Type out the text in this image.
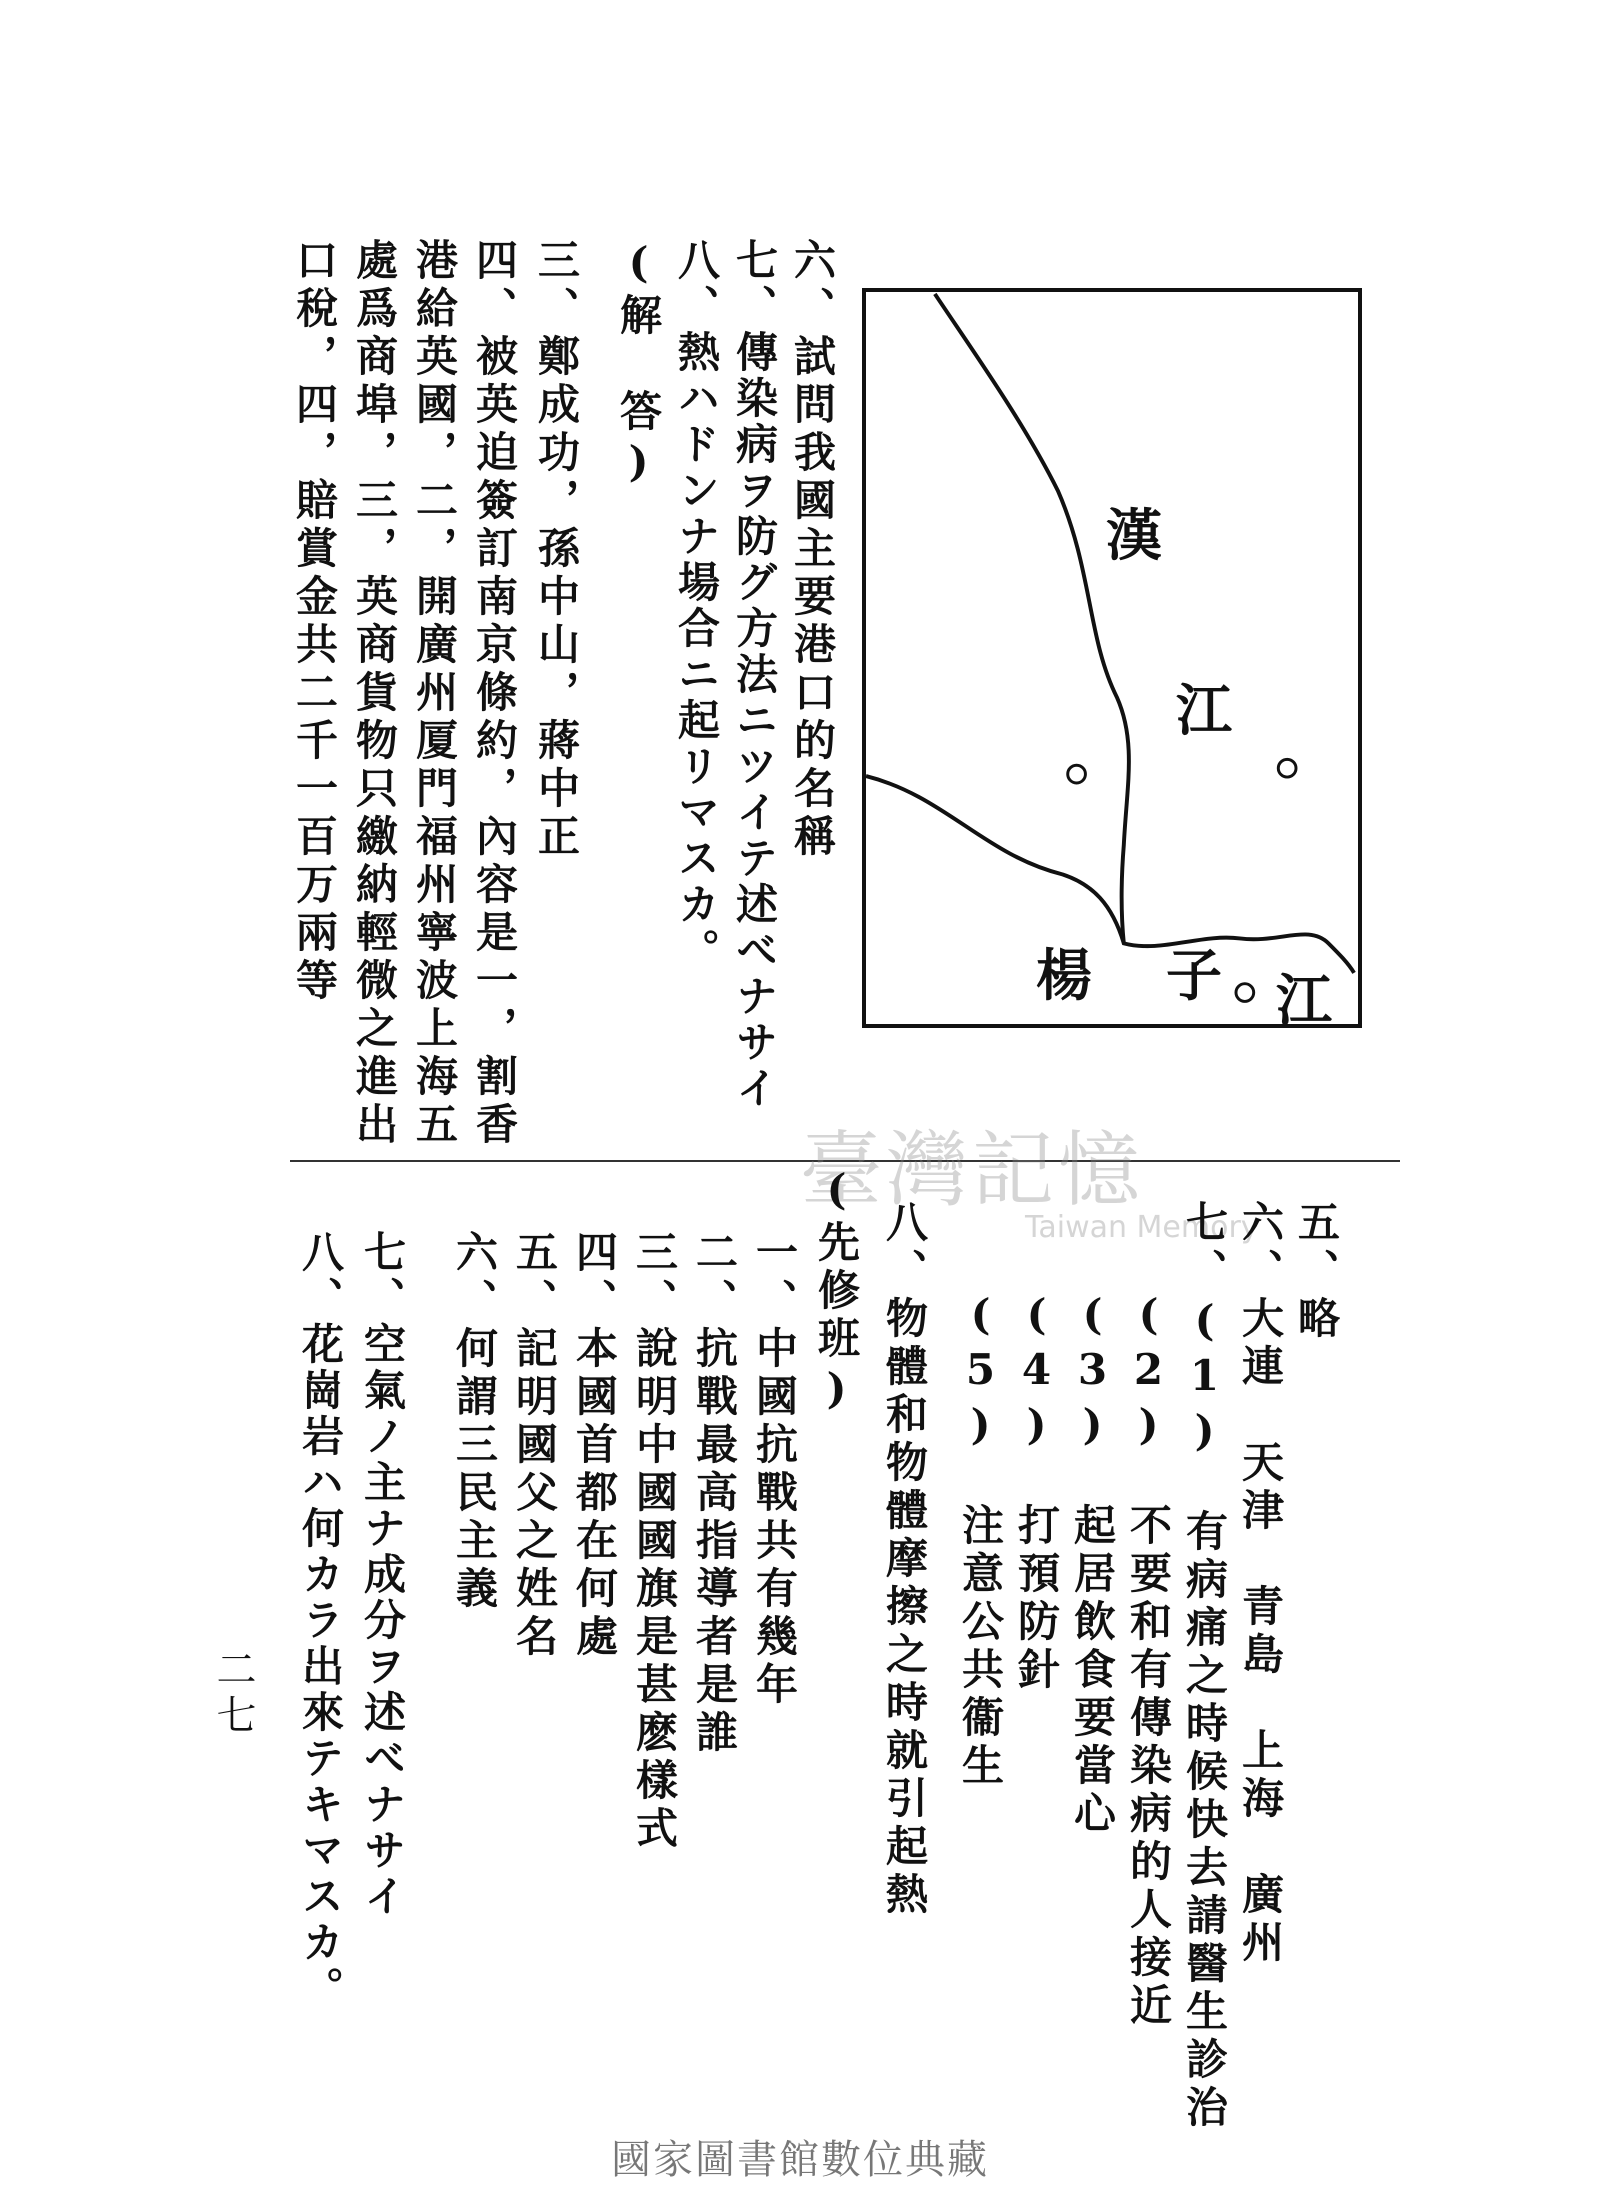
六、試問我國主要港口的名稱
七、傳染病ヲ防グ方法ニツイテ述べナサイ
八、熱ハドンナ場合ニ起リマスカ。
(解　答)
三、鄭成功，孫中山，蔣中正
四、被英迫簽訂南京條約，內容是一，割香
港給英國，二，開廣州厦門福州寧波上海五
處爲商埠，三，英商貨物只繳納輕微之進出
口稅，四，賠賞金共二千一百万兩等	漢
江
楊 子 江
臺灣記憶
Taiwan Memory 五、略
六、大連　天津　青島　上海　廣州
七、(1)　有病痛之時候快去請醫生診治
(2)　不要和有傳染病的人接近
(3)　起居飲食要當心
(4)　打預防針
(5)　注意公共衞生
八、物體和物體摩擦之時就引起熱
(先修班)
一、中國抗戰共有幾年
二、抗戰最高指導者是誰
三、說明中國國旗是甚麽樣式
四、本國首都在何處
五、記明國父之姓名
六、何謂三民主義
七、空氣ノ主ナ成分ヲ述べナサイ
八、花崗岩ハ何カラ出來テキマスカ。
二七
國家圖書館數位典藏
